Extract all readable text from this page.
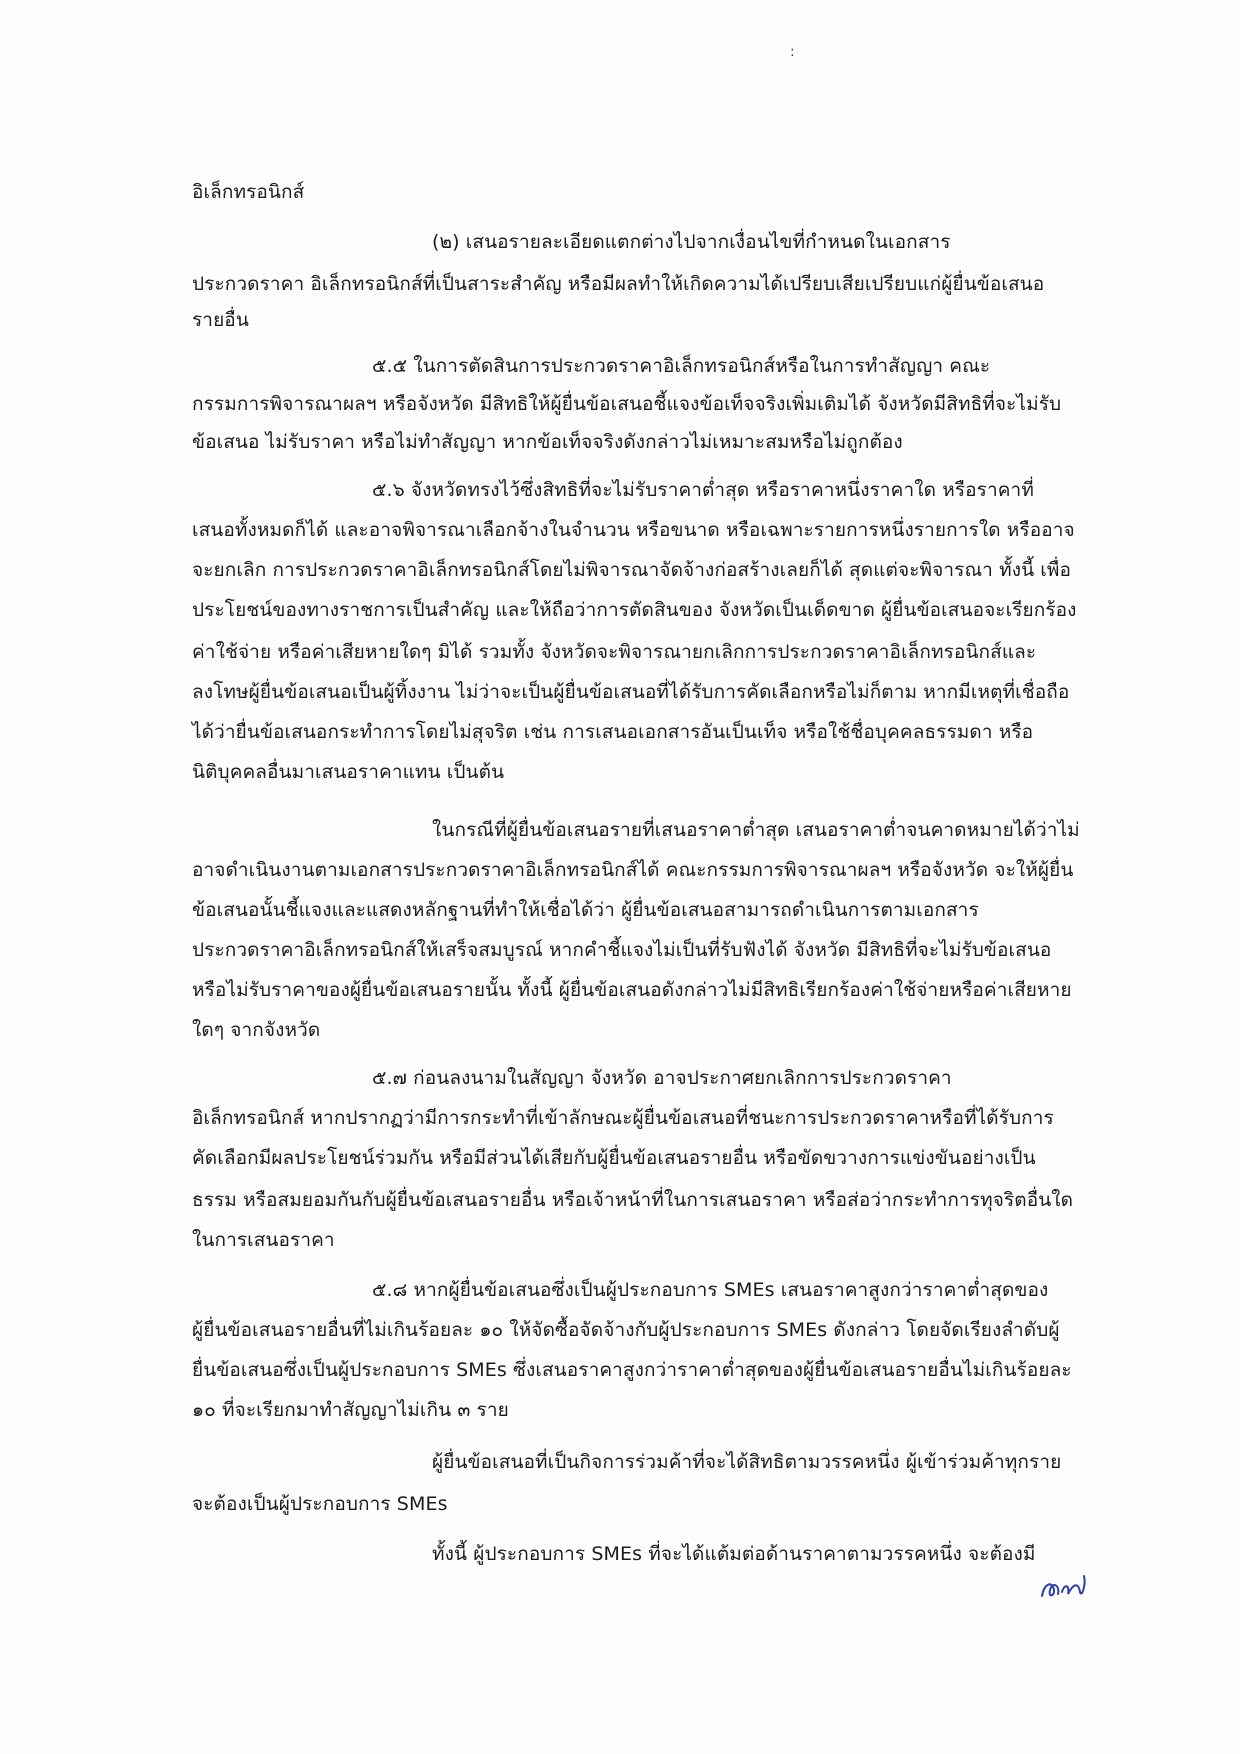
:
อิเล็กทรอนิกส์
(๒) เสนอรายละเอียดแตกต่างไปจากเงื่อนไขที่กำหนดในเอกสาร
ประกวดราคา อิเล็กทรอนิกส์ที่เป็นสาระสำคัญ หรือมีผลทำให้เกิดความได้เปรียบเสียเปรียบแก่ผู้ยื่นข้อเสนอ
รายอื่น
๕.๕ ในการตัดสินการประกวดราคาอิเล็กทรอนิกส์หรือในการทำสัญญา คณะ
กรรมการพิจารณาผลฯ หรือจังหวัด มีสิทธิให้ผู้ยื่นข้อเสนอชี้แจงข้อเท็จจริงเพิ่มเติมได้ จังหวัดมีสิทธิที่จะไม่รับ
ข้อเสนอ ไม่รับราคา หรือไม่ทำสัญญา หากข้อเท็จจริงดังกล่าวไม่เหมาะสมหรือไม่ถูกต้อง
๕.๖ จังหวัดทรงไว้ซึ่งสิทธิที่จะไม่รับราคาต่ำสุด หรือราคาหนึ่งราคาใด หรือราคาที่
เสนอทั้งหมดก็ได้ และอาจพิจารณาเลือกจ้างในจำนวน หรือขนาด หรือเฉพาะรายการหนึ่งรายการใด หรืออาจ
จะยกเลิก การประกวดราคาอิเล็กทรอนิกส์โดยไม่พิจารณาจัดจ้างก่อสร้างเลยก็ได้ สุดแต่จะพิจารณา ทั้งนี้ เพื่อ
ประโยชน์ของทางราชการเป็นสำคัญ และให้ถือว่าการตัดสินของ จังหวัดเป็นเด็ดขาด ผู้ยื่นข้อเสนอจะเรียกร้อง
ค่าใช้จ่าย หรือค่าเสียหายใดๆ มิได้ รวมทั้ง จังหวัดจะพิจารณายกเลิกการประกวดราคาอิเล็กทรอนิกส์และ
ลงโทษผู้ยื่นข้อเสนอเป็นผู้ทิ้งงาน ไม่ว่าจะเป็นผู้ยื่นข้อเสนอที่ได้รับการคัดเลือกหรือไม่ก็ตาม หากมีเหตุที่เชื่อถือ
ได้ว่ายื่นข้อเสนอกระทำการโดยไม่สุจริต เช่น การเสนอเอกสารอันเป็นเท็จ หรือใช้ชื่อบุคคลธรรมดา หรือ
นิติบุคคลอื่นมาเสนอราคาแทน เป็นต้น
ในกรณีที่ผู้ยื่นข้อเสนอรายที่เสนอราคาต่ำสุด เสนอราคาต่ำจนคาดหมายได้ว่าไม่
อาจดำเนินงานตามเอกสารประกวดราคาอิเล็กทรอนิกส์ได้ คณะกรรมการพิจารณาผลฯ หรือจังหวัด จะให้ผู้ยื่น
ข้อเสนอนั้นชี้แจงและแสดงหลักฐานที่ทำให้เชื่อได้ว่า ผู้ยื่นข้อเสนอสามารถดำเนินการตามเอกสาร
ประกวดราคาอิเล็กทรอนิกส์ให้เสร็จสมบูรณ์ หากคำชี้แจงไม่เป็นที่รับฟังได้ จังหวัด มีสิทธิที่จะไม่รับข้อเสนอ
หรือไม่รับราคาของผู้ยื่นข้อเสนอรายนั้น ทั้งนี้ ผู้ยื่นข้อเสนอดังกล่าวไม่มีสิทธิเรียกร้องค่าใช้จ่ายหรือค่าเสียหาย
ใดๆ จากจังหวัด
๕.๗ ก่อนลงนามในสัญญา จังหวัด อาจประกาศยกเลิกการประกวดราคา
อิเล็กทรอนิกส์ หากปรากฏว่ามีการกระทำที่เข้าลักษณะผู้ยื่นข้อเสนอที่ชนะการประกวดราคาหรือที่ได้รับการ
คัดเลือกมีผลประโยชน์ร่วมกัน หรือมีส่วนได้เสียกับผู้ยื่นข้อเสนอรายอื่น หรือขัดขวางการแข่งขันอย่างเป็น
ธรรม หรือสมยอมกันกับผู้ยื่นข้อเสนอรายอื่น หรือเจ้าหน้าที่ในการเสนอราคา หรือส่อว่ากระทำการทุจริตอื่นใด
ในการเสนอราคา
๕.๘ หากผู้ยื่นข้อเสนอซึ่งเป็นผู้ประกอบการ SMEs เสนอราคาสูงกว่าราคาต่ำสุดของ
ผู้ยื่นข้อเสนอรายอื่นที่ไม่เกินร้อยละ ๑๐ ให้จัดซื้อจัดจ้างกับผู้ประกอบการ SMEs ดังกล่าว โดยจัดเรียงลำดับผู้
ยื่นข้อเสนอซึ่งเป็นผู้ประกอบการ SMEs ซึ่งเสนอราคาสูงกว่าราคาต่ำสุดของผู้ยื่นข้อเสนอรายอื่นไม่เกินร้อยละ
๑๐ ที่จะเรียกมาทำสัญญาไม่เกิน ๓ ราย
ผู้ยื่นข้อเสนอที่เป็นกิจการร่วมค้าที่จะได้สิทธิตามวรรคหนึ่ง ผู้เข้าร่วมค้าทุกราย
จะต้องเป็นผู้ประกอบการ SMEs
ทั้งนี้ ผู้ประกอบการ SMEs ที่จะได้แต้มต่อด้านราคาตามวรรคหนึ่ง จะต้องมี
